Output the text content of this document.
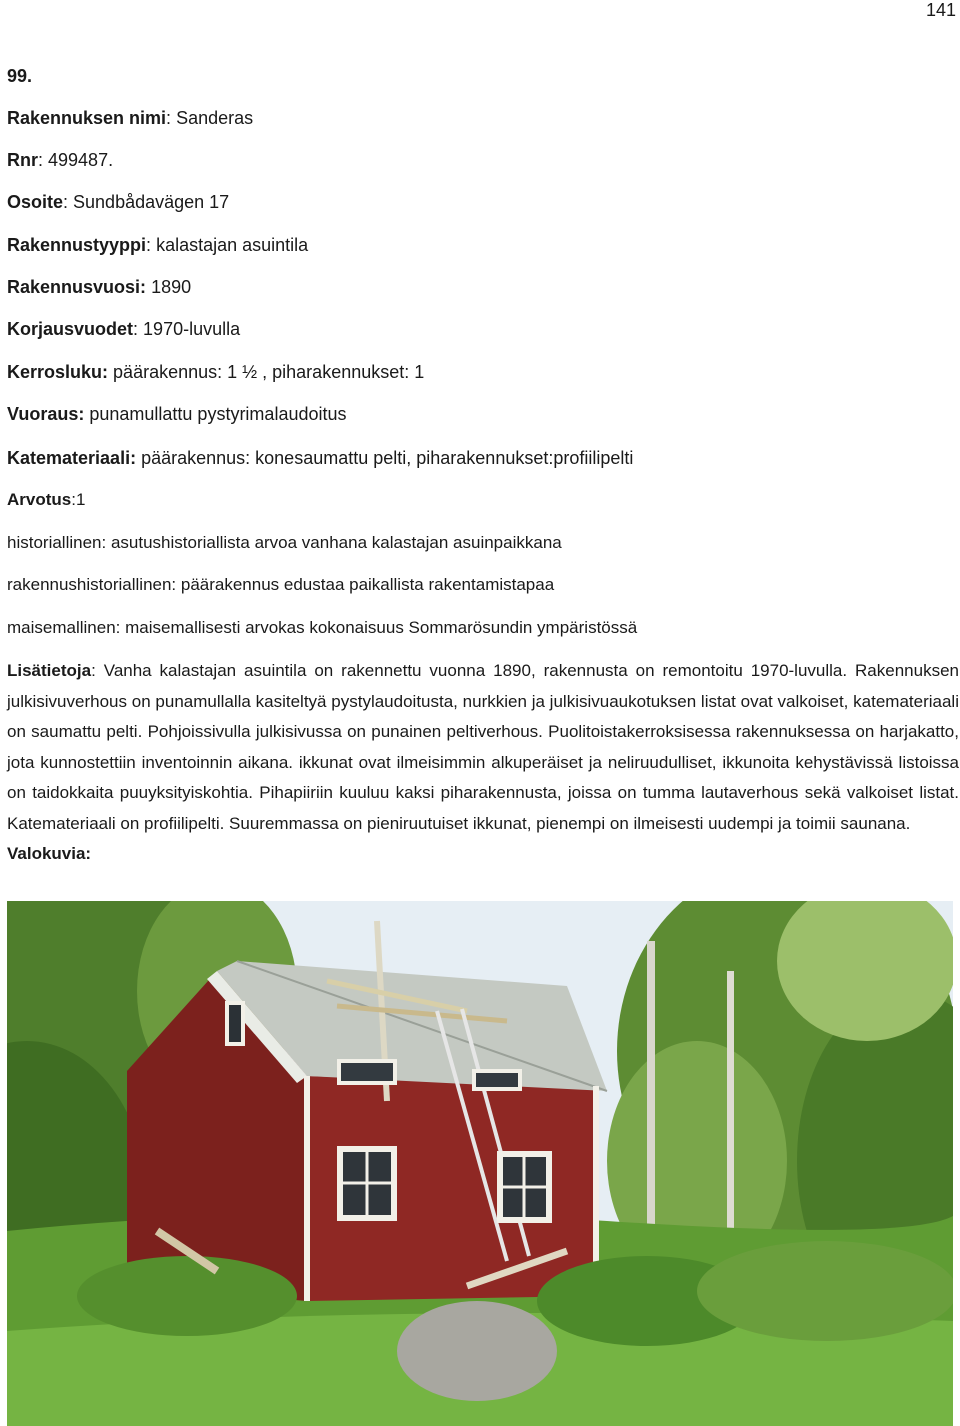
141
99.
Rakennuksen nimi: Sanderas
Rnr: 499487.
Osoite: Sundbådavägen 17
Rakennustyyppi: kalastajan asuintila
Rakennusvuosi: 1890
Korjausvuodet: 1970-luvulla
Kerrosluku: päärakennus: 1 ½ , piharakennukset: 1
Vuoraus: punamullattu pystyrimalaudoitus
Katemateriaali: päärakennus: konesaumattu pelti, piharakennukset:profiilipelti
Arvotus:1
historiallinen: asutushistoriallista arvoa vanhana kalastajan asuinpaikkana
rakennushistoriallinen: päärakennus edustaa paikallista rakentamistapaa
maisemallinen: maisemallisesti arvokas kokonaisuus Sommarösundin ympäristössä
Lisätietoja: Vanha kalastajan asuintila on rakennettu vuonna 1890, rakennusta on remontoitu 1970-luvulla. Rakennuksen julkisivuverhous on punamullalla kasiteltyä pystylaudoitusta, nurkkien ja julkisivuaukotuksen listat ovat valkoiset, katemateriaali on saumattu pelti. Pohjoissivulla julkisivussa on punainen peltiverhous. Puolitoistakerroksisessa rakennuksessa on harjakatto, jota kunnostettiin inventoinnin aikana. ikkunat ovat ilmeisimmin alkuperäiset ja neliruudulliset, ikkunoita kehystävissä listoissa on taidokkaita puuyksityiskohtia. Pihapiiriin kuuluu kaksi piharakennusta, joissa on tumma lautaverhous sekä valkoiset listat. Katemateriaali on profiilipelti. Suuremmassa on pieniruutuiset ikkunat, pienempi on ilmeisesti uudempi ja toimii saunana.
Valokuvia:
